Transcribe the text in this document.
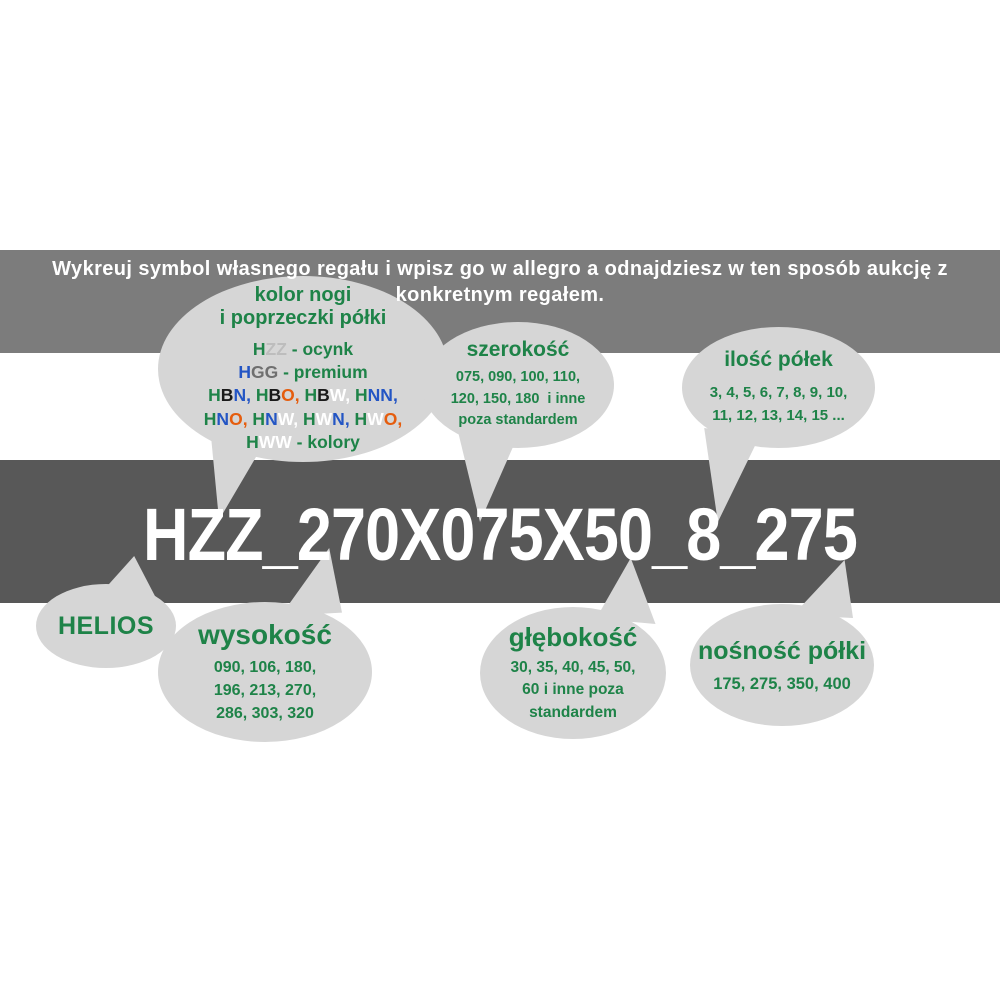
Wykreuj symbol własnego regału i wpisz go w allegro a odnajdziesz w ten sposób aukcję z
konkretnym regałem.
HZZ_270X075X50_8_275
kolor nogi
i poprzeczki półki
HZZ - ocynk
HGG - premium
HBN, HBO, HBW, HNN,
HNO, HNW, HWN, HWO,
HWW - kolory
szerokość
075, 090, 100, 110,
120, 150, 180  i inne
poza standardem
ilość półek
3, 4, 5, 6, 7, 8, 9, 10,
11, 12, 13, 14, 15 ...
HELIOS wysokość
090, 106, 180,
196, 213, 270,
286, 303, 320
głębokość
30, 35, 40, 45, 50,
60 i inne poza
standardem
nośność półki
175, 275, 350, 400
